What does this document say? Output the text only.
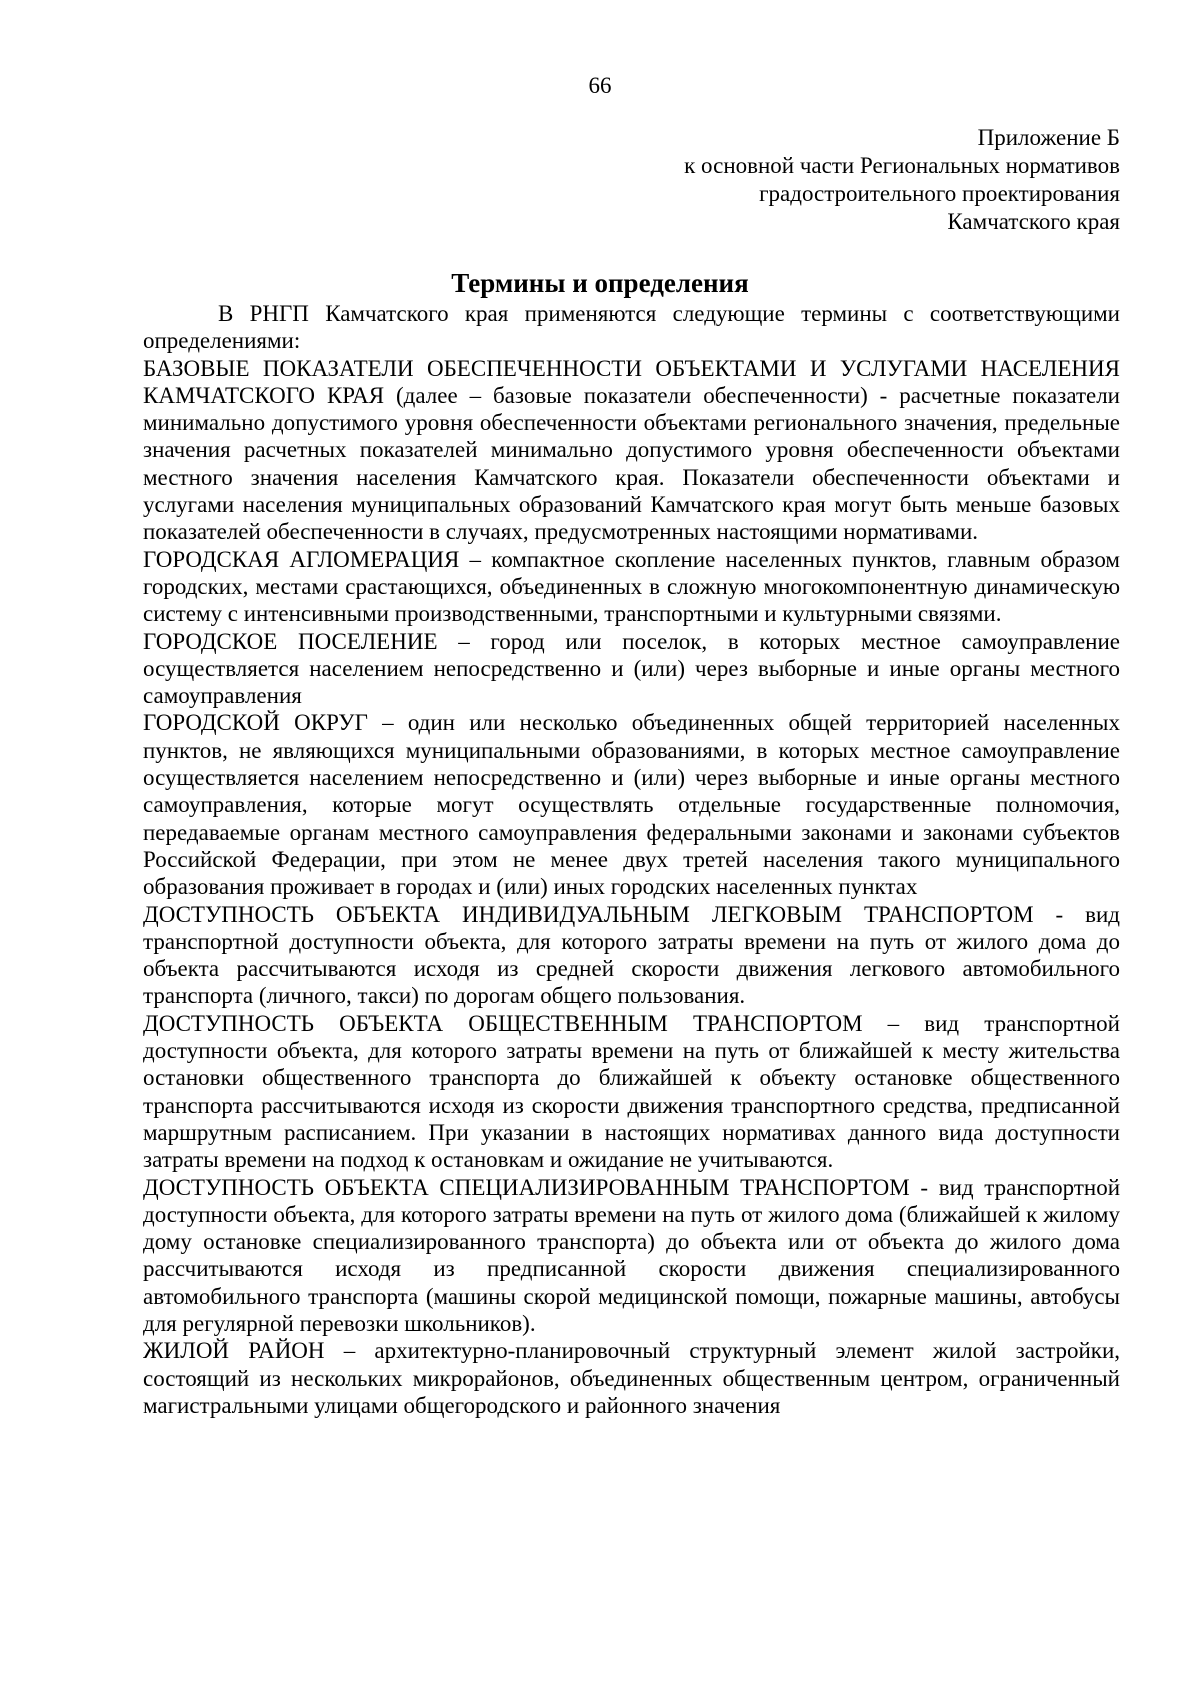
66
Приложение Б
к основной части Региональных нормативов
градостроительного проектирования
Камчатского края
Термины и определения

В РНГП Камчатского края применяются следующие термины с соответствующими определениями:

БАЗОВЫЕ ПОКАЗАТЕЛИ ОБЕСПЕЧЕННОСТИ ОБЪЕКТАМИ И УСЛУГАМИ НАСЕЛЕНИЯ КАМЧАТСКОГО КРАЯ (далее – базовые показатели обеспеченности) - расчетные показатели минимально допустимого уровня обеспеченности объектами регионального значения, предельные значения расчетных показателей минимально допустимого уровня обеспеченности объектами местного значения населения Камчатского края. Показатели обеспеченности объектами и услугами населения муниципальных образований Камчатского края могут быть меньше базовых показателей обеспеченности в случаях, предусмотренных настоящими нормативами.

ГОРОДСКАЯ АГЛОМЕРАЦИЯ – компактное скопление населенных пунктов, главным образом городских, местами срастающихся, объединенных в сложную многокомпонентную динамическую систему с интенсивными производственными, транспортными и культурными связями.

ГОРОДСКОЕ ПОСЕЛЕНИЕ – город или поселок, в которых местное самоуправление осуществляется населением непосредственно и (или) через выборные и иные органы местного самоуправления

ГОРОДСКОЙ ОКРУГ – один или несколько объединенных общей территорией населенных пунктов, не являющихся муниципальными образованиями, в которых местное самоуправление осуществляется населением непосредственно и (или) через выборные и иные органы местного самоуправления, которые могут осуществлять отдельные государственные полномочия, передаваемые органам местного самоуправления федеральными законами и законами субъектов Российской Федерации, при этом не менее двух третей населения такого муниципального образования проживает в городах и (или) иных городских населенных пунктах

ДОСТУПНОСТЬ ОБЪЕКТА ИНДИВИДУАЛЬНЫМ ЛЕГКОВЫМ ТРАНСПОРТОМ - вид транспортной доступности объекта, для которого затраты времени на путь от жилого дома до объекта рассчитываются исходя из средней скорости движения легкового автомобильного транспорта (личного, такси) по дорогам общего пользования.

ДОСТУПНОСТЬ ОБЪЕКТА ОБЩЕСТВЕННЫМ ТРАНСПОРТОМ – вид транспортной доступности объекта, для которого затраты времени на путь от ближайшей к месту жительства остановки общественного транспорта до ближайшей к объекту остановке общественного транспорта рассчитываются исходя из скорости движения транспортного средства, предписанной маршрутным расписанием. При указании в настоящих нормативах данного вида доступности затраты времени на подход к остановкам и ожидание не учитываются.

ДОСТУПНОСТЬ ОБЪЕКТА СПЕЦИАЛИЗИРОВАННЫМ ТРАНСПОРТОМ - вид транспортной доступности объекта, для которого затраты времени на путь от жилого дома (ближайшей к жилому дому остановке специализированного транспорта) до объекта или от объекта до жилого дома рассчитываются исходя из предписанной скорости движения специализированного автомобильного транспорта (машины скорой медицинской помощи, пожарные машины, автобусы для регулярной перевозки школьников).

ЖИЛОЙ РАЙОН – архитектурно-планировочный структурный элемент жилой застройки, состоящий из нескольких микрорайонов, объединенных общественным центром, ограниченный магистральными улицами общегородского и районного значения
